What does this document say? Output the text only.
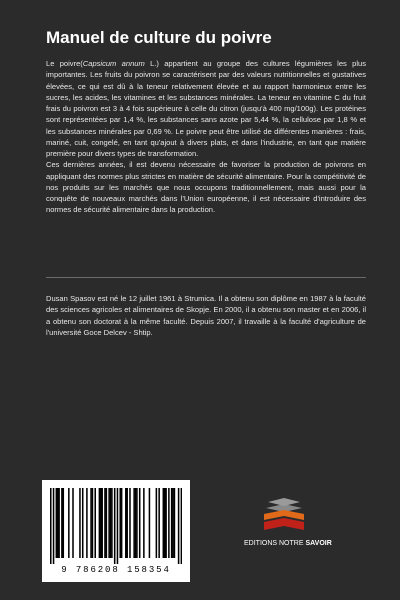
Manuel de culture du poivre

Le poivre(Capsicum annum L.) appartient au groupe des cultures légumières les plus importantes. Les fruits du poivron se caractérisent par des valeurs nutritionnelles et gustatives élevées, ce qui est dû à la teneur relativement élevée et au rapport harmonieux entre les sucres, les acides, les vitamines et les substances minérales. La teneur en vitamine C du fruit frais du poivron est 3 à 4 fois supérieure à celle du citron (jusqu'à 400 mg/100g). Les protéines sont représentées par 1,4 %, les substances sans azote par 5,44 %, la cellulose par 1,8 % et les substances minérales par 0,69 %. Le poivre peut être utilisé de différentes manières : frais, mariné, cuit, congelé, en tant qu'ajout à divers plats, et dans l'industrie, en tant que matière première pour divers types de transformation.

Ces dernières années, il est devenu nécessaire de favoriser la production de poivrons en appliquant des normes plus strictes en matière de sécurité alimentaire. Pour la compétitivité de nos produits sur les marchés que nous occupons traditionnellement, mais aussi pour la conquête de nouveaux marchés dans l'Union européenne, il est nécessaire d'introduire des normes de sécurité alimentaire dans la production.

Dusan Spasov est né le 12 juillet 1961 à Strumica. Il a obtenu son diplôme en 1987 à la faculté des sciences agricoles et alimentaires de Skopje. En 2000, il a obtenu son master et en 2006, il a obtenu son doctorat à la même faculté. Depuis 2007, il travaille à la faculté d'agriculture de l'université Goce Delcev - Shtip.

9 786208 158354
EDITIONS NOTRE SAVOIR
